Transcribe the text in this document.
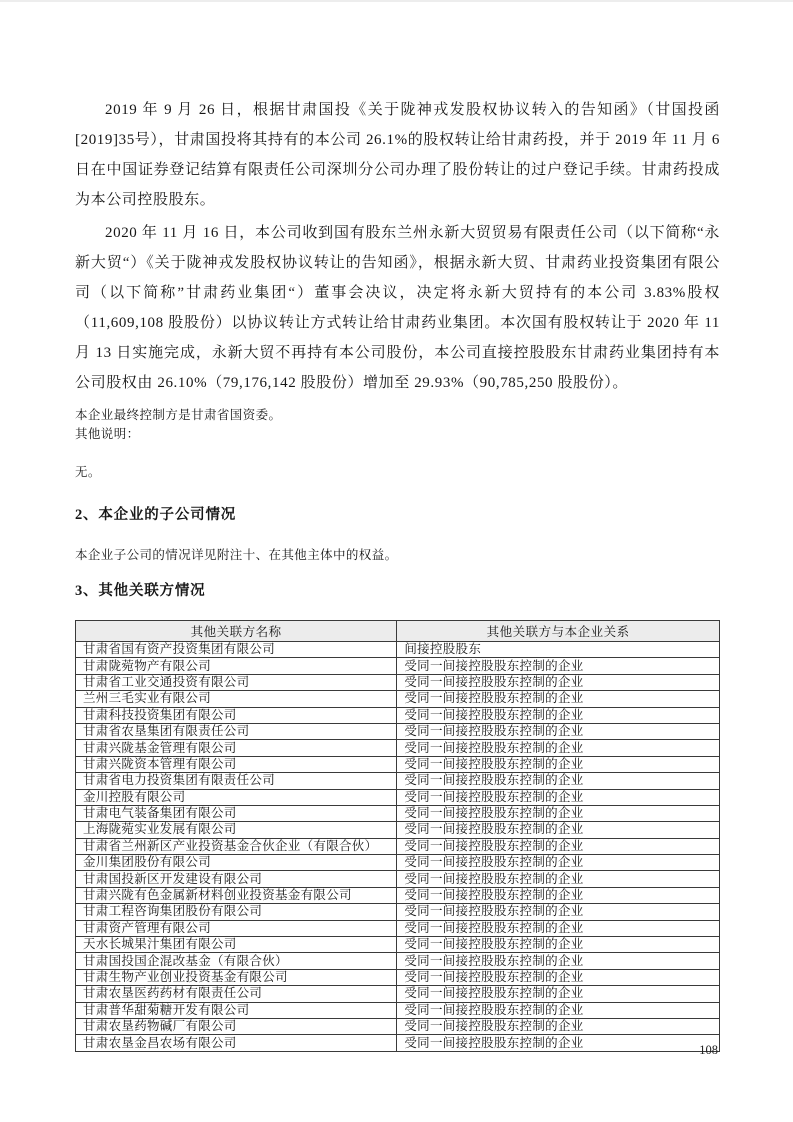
2019 年 9 月 26 日，根据甘肃国投《关于陇神戎发股权协议转入的告知函》（甘国投函[2019]35号），甘肃国投将其持有的本公司 26.1%的股权转让给甘肃药投，并于 2019 年 11 月 6 日在中国证券登记结算有限责任公司深圳分公司办理了股份转让的过户登记手续。甘肃药投成为本公司控股股东。

2020 年 11 月 16 日，本公司收到国有股东兰州永新大贸贸易有限责任公司（以下简称“永新大贸“）《关于陇神戎发股权协议转让的告知函》，根据永新大贸、甘肃药业投资集团有限公司（以下简称”甘肃药业集团“）董事会决议，决定将永新大贸持有的本公司 3.83%股权（11,609,108 股股份）以协议转让方式转让给甘肃药业集团。本次国有股权转让于 2020 年 11 月 13 日实施完成，永新大贸不再持有本公司股份，本公司直接控股股东甘肃药业集团持有本公司股权由 26.10%（79,176,142 股股份）增加至 29.93%（90,785,250 股股份）。

本企业最终控制方是甘肃省国资委。

其他说明：

无。

2、本企业的子公司情况

本企业子公司的情况详见附注十、在其他主体中的权益。

3、其他关联方情况
其他关联方名称	其他关联方与本企业关系
甘肃省国有资产投资集团有限公司	间接控股股东
甘肃陇菀物产有限公司	受同一间接控股股东控制的企业
甘肃省工业交通投资有限公司	受同一间接控股股东控制的企业
兰州三毛实业有限公司	受同一间接控股股东控制的企业
甘肃科技投资集团有限公司	受同一间接控股股东控制的企业
甘肃省农垦集团有限责任公司	受同一间接控股股东控制的企业
甘肃兴陇基金管理有限公司	受同一间接控股股东控制的企业
甘肃兴陇资本管理有限公司	受同一间接控股股东控制的企业
甘肃省电力投资集团有限责任公司	受同一间接控股股东控制的企业
金川控股有限公司	受同一间接控股股东控制的企业
甘肃电气装备集团有限公司	受同一间接控股股东控制的企业
上海陇菀实业发展有限公司	受同一间接控股股东控制的企业
甘肃省兰州新区产业投资基金合伙企业（有限合伙）	受同一间接控股股东控制的企业
金川集团股份有限公司	受同一间接控股股东控制的企业
甘肃国投新区开发建设有限公司	受同一间接控股股东控制的企业
甘肃兴陇有色金属新材料创业投资基金有限公司	受同一间接控股股东控制的企业
甘肃工程咨询集团股份有限公司	受同一间接控股股东控制的企业
甘肃资产管理有限公司	受同一间接控股股东控制的企业
天水长城果汁集团有限公司	受同一间接控股股东控制的企业
甘肃国投国企混改基金（有限合伙）	受同一间接控股股东控制的企业
甘肃生物产业创业投资基金有限公司	受同一间接控股股东控制的企业
甘肃农垦医药药材有限责任公司	受同一间接控股股东控制的企业
甘肃普华甜菊糖开发有限公司	受同一间接控股股东控制的企业
甘肃农垦药物碱厂有限公司	受同一间接控股股东控制的企业
甘肃农垦金昌农场有限公司	受同一间接控股股东控制的企业
108
